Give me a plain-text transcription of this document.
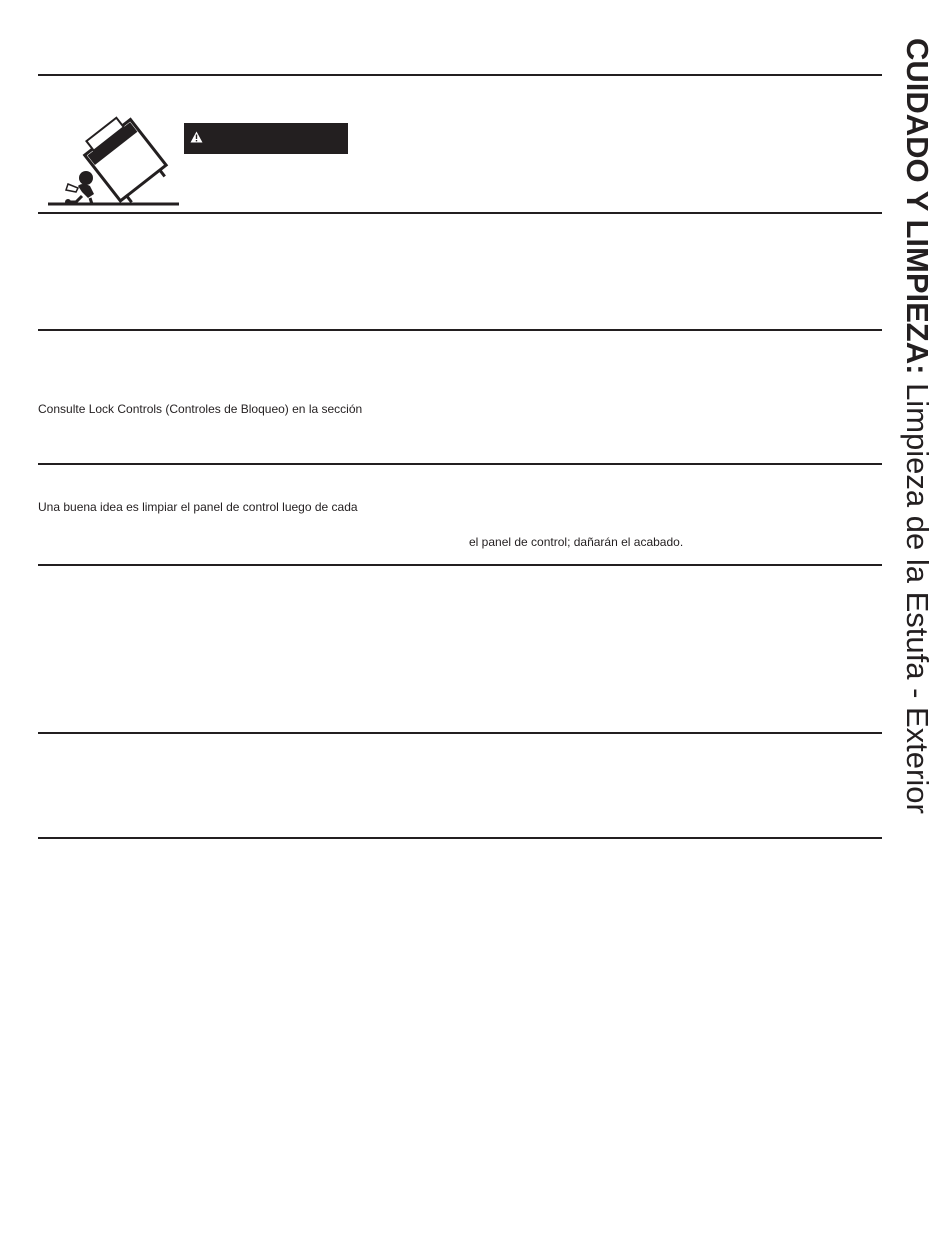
Consulte Lock Controls (Controles de Bloqueo) en la sección
Una buena idea es limpiar el panel de control luego de cada
el panel de control; dañarán el acabado.
CUIDADO Y LIMPIEZA: Limpieza de la Estufa - Exterior
